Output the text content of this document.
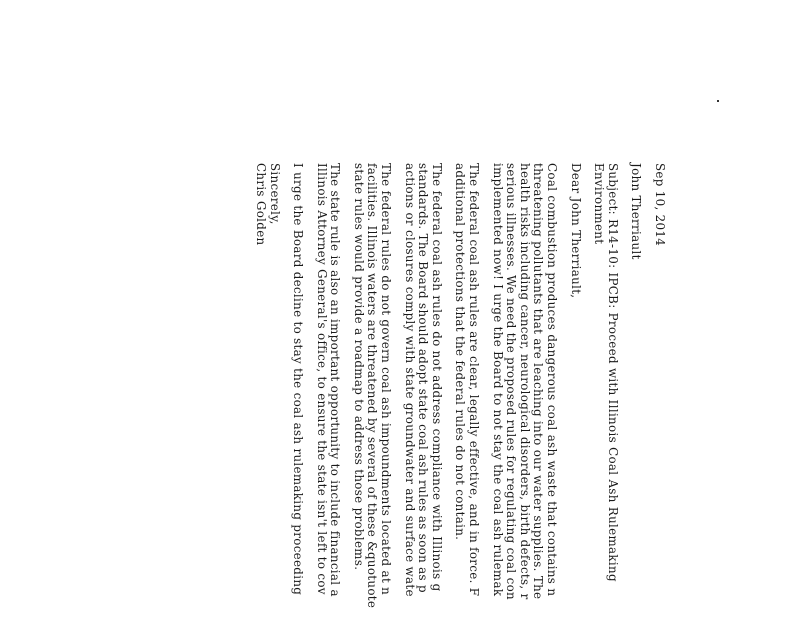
Sep 10, 2014
John Therriault
Subject: R14-10: IPCB: Proceed with Illinois Coal Ash Rulemaking
Environment
Dear John Therriault,
Coal combustion produces dangerous coal ash waste that contains n
threatening pollutants that are leaching into our water supplies. The
health risks including cancer, neurological disorders, birth defects, r
serious illnesses. We need the proposed rules for regulating coal con
implemented now! I urge the Board to not stay the coal ash rulemak
The federal coal ash rules are clear, legally effective, and in force. F
additional protections that the federal rules do not contain.
The federal coal ash rules do not address compliance with Illinois g
standards. The Board should adopt state coal ash rules as soon as p
actions or closures comply with state groundwater and surface wate
The federal rules do not govern coal ash impoundments located at n
facilities. Illinois waters are threatened by several of these &quotuote
state rules would provide a roadmap to address those problems.
The state rule is also an important opportunity to include financial a
Illinois Attorney General's office, to ensure the state isn't left to cov
I urge the Board decline to stay the coal ash rulemaking proceeding
Sincerely,
Chris Golden
